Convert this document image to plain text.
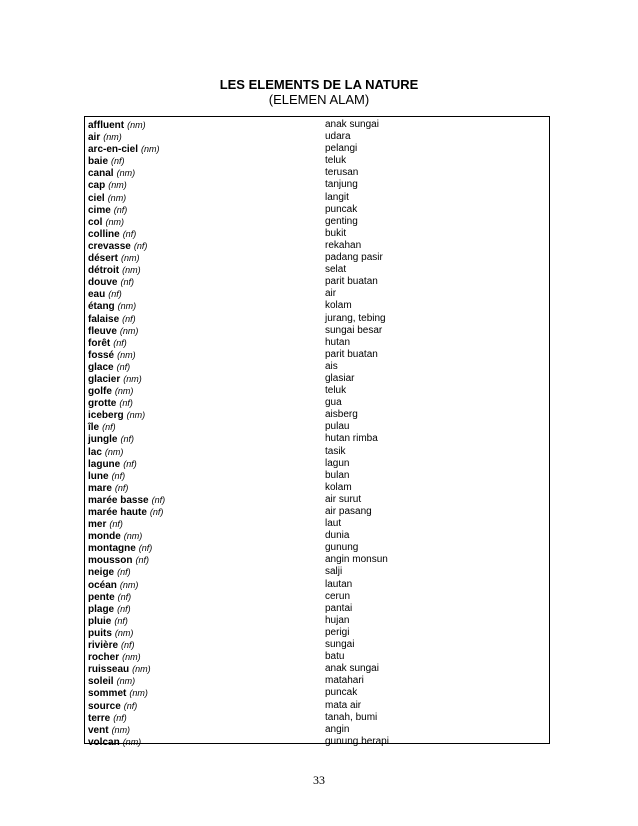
LES ELEMENTS DE LA NATURE
(ELEMEN ALAM)
affluent (nm)	anak sungai
air (nm)	udara
arc-en-ciel (nm)	pelangi
baie (nf)	teluk
canal (nm)	terusan
cap (nm)	tanjung
ciel (nm)	langit
cime (nf)	puncak
col (nm)	genting
colline (nf)	bukit
crevasse (nf)	rekahan
désert (nm)	padang pasir
détroit (nm)	selat
douve (nf)	parit buatan
eau (nf)	air
étang (nm)	kolam
falaise (nf)	jurang, tebing
fleuve (nm)	sungai besar
forêt (nf)	hutan
fossé (nm)	parit buatan
glace (nf)	ais
glacier (nm)	glasiar
golfe (nm)	teluk
grotte (nf)	gua
iceberg (nm)	aisberg
île (nf)	pulau
jungle (nf)	hutan rimba
lac (nm)	tasik
lagune (nf)	lagun
lune (nf)	bulan
mare (nf)	kolam
marée basse (nf)	air surut
marée haute (nf)	air pasang
mer (nf)	laut
monde (nm)	dunia
montagne (nf)	gunung
mousson (nf)	angin monsun
neige (nf)	salji
océan (nm)	lautan
pente (nf)	cerun
plage (nf)	pantai
pluie (nf)	hujan
puits (nm)	perigi
rivière (nf)	sungai
rocher (nm)	batu
ruisseau (nm)	anak sungai
soleil (nm)	matahari
sommet (nm)	puncak
source (nf)	mata air
terre (nf)	tanah, bumi
vent (nm)	angin
volcan (nm)	gunung berapi
33
